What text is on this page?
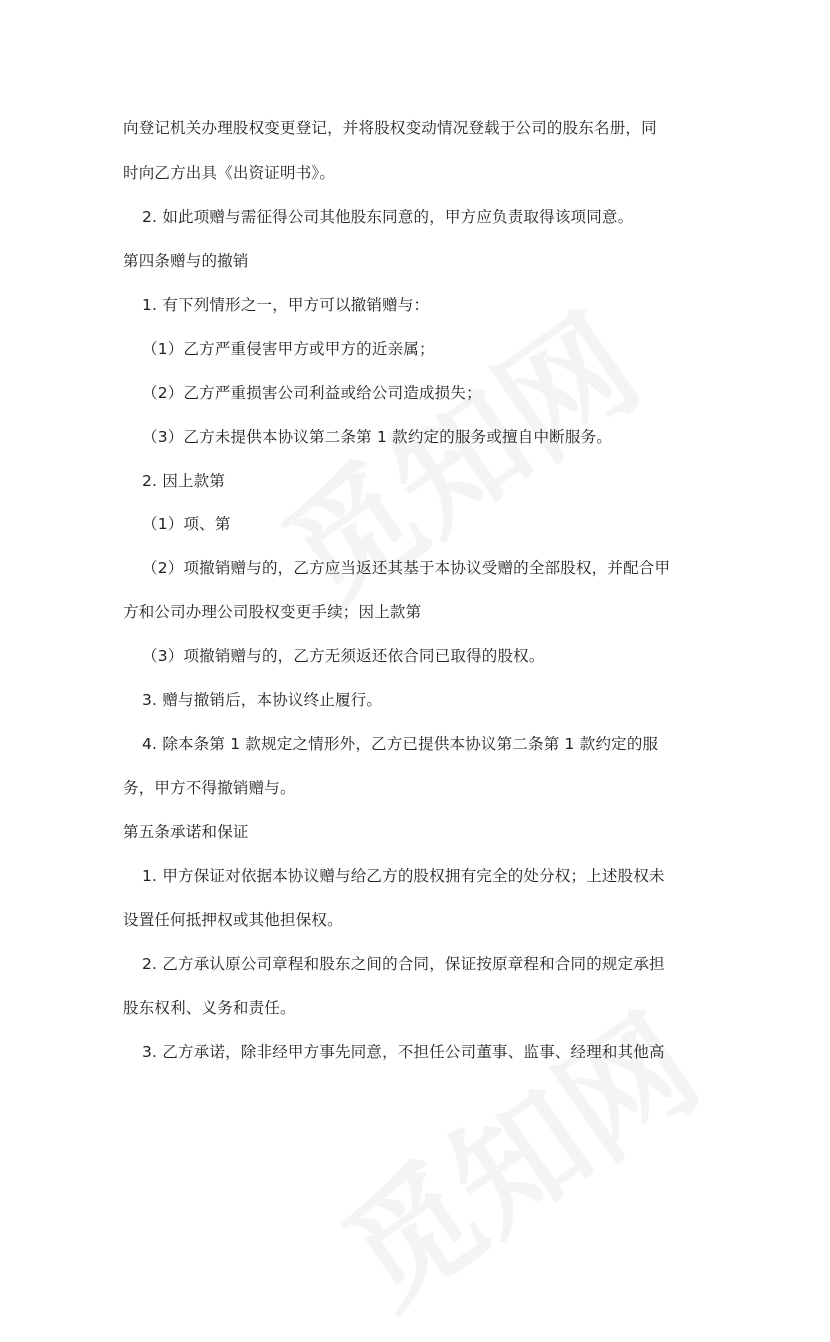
向登记机关办理股权变更登记，并将股权变动情况登载于公司的股东名册，同
时向乙方出具《出资证明书》。
2. 如此项赠与需征得公司其他股东同意的，甲方应负责取得该项同意。
第四条赠与的撤销
1. 有下列情形之一，甲方可以撤销赠与：
（1）乙方严重侵害甲方或甲方的近亲属；
（2）乙方严重损害公司利益或给公司造成损失；
（3）乙方未提供本协议第二条第 1 款约定的服务或擅自中断服务。
2. 因上款第
（1）项、第
（2）项撤销赠与的，乙方应当返还其基于本协议受赠的全部股权，并配合甲
方和公司办理公司股权变更手续；因上款第
（3）项撤销赠与的，乙方无须返还依合同已取得的股权。
3. 赠与撤销后，本协议终止履行。
4. 除本条第 1 款规定之情形外，乙方已提供本协议第二条第 1 款约定的服
务，甲方不得撤销赠与。
第五条承诺和保证
1. 甲方保证对依据本协议赠与给乙方的股权拥有完全的处分权；上述股权未
设置任何抵押权或其他担保权。
2. 乙方承认原公司章程和股东之间的合同，保证按原章程和合同的规定承担
股东权利、义务和责任。
3. 乙方承诺，除非经甲方事先同意，不担任公司董事、监事、经理和其他高
